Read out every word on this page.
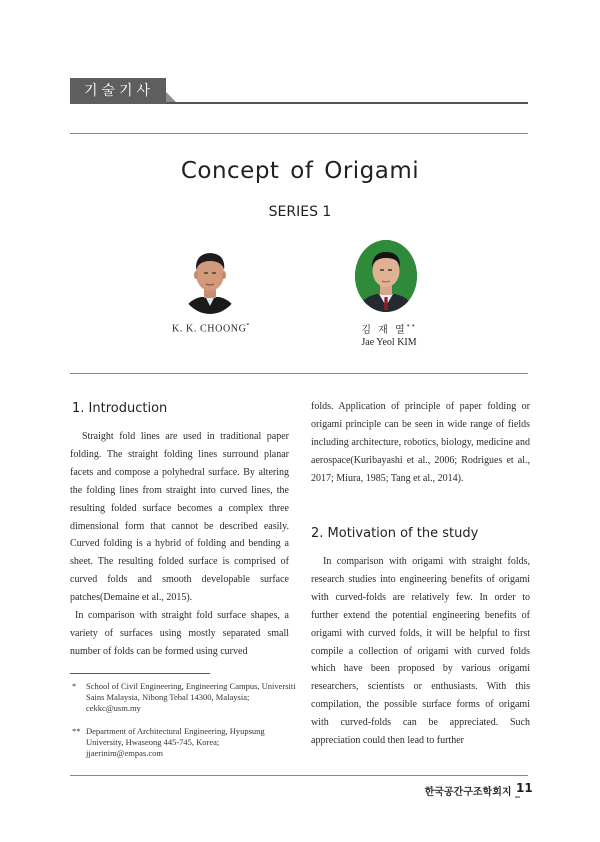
기술기사
Concept of Origami
SERIES 1
K. K. CHOONG*	김 재 열**
Jae Yeol KIM
1. Introduction

Straight fold lines are used in traditional paper folding. The straight folding lines surround planar facets and compose a polyhedral surface. By altering the folding lines from straight into curved lines, the resulting folded surface becomes a complex three dimensional form that cannot be described easily. Curved folding is a hybrid of folding and bending a sheet. The resulting folded surface is comprised of curved folds and smooth developable surface patches(Demaine et al., 2015).

In comparison with straight fold surface shapes, a variety of surfaces using mostly separated small number of folds can be formed using curved

* School of Civil Engineering, Engineering Campus, Universiti Sains Malaysia, Nibong Tebal 14300, Malaysia; cekkc@usm.my
** Department of Architectural Engineering, Hyupsung University, Hwaseong 445-745, Korea; jjaerinim@empas.com

folds. Application of principle of paper folding or origami principle can be seen in wide range of fields including architecture, robotics, biology, medicine and aerospace(Kuribayashi et al., 2006; Rodrigues et al., 2017; Miura, 1985; Tang et al., 2014).

2. Motivation of the study

In comparison with origami with straight folds, research studies into engineering benefits of origami with curved-folds are relatively few. In order to further extend the potential engineering benefits of origami with curved folds, it will be helpful to first compile a collection of origami with curved folds which have been proposed by various origami researchers, scientists or enthusiasts. With this compilation, the possible surface forms of origami with curved-folds can be appreciated. Such appreciation could then lead to further

한국공간구조학회지 _
11
